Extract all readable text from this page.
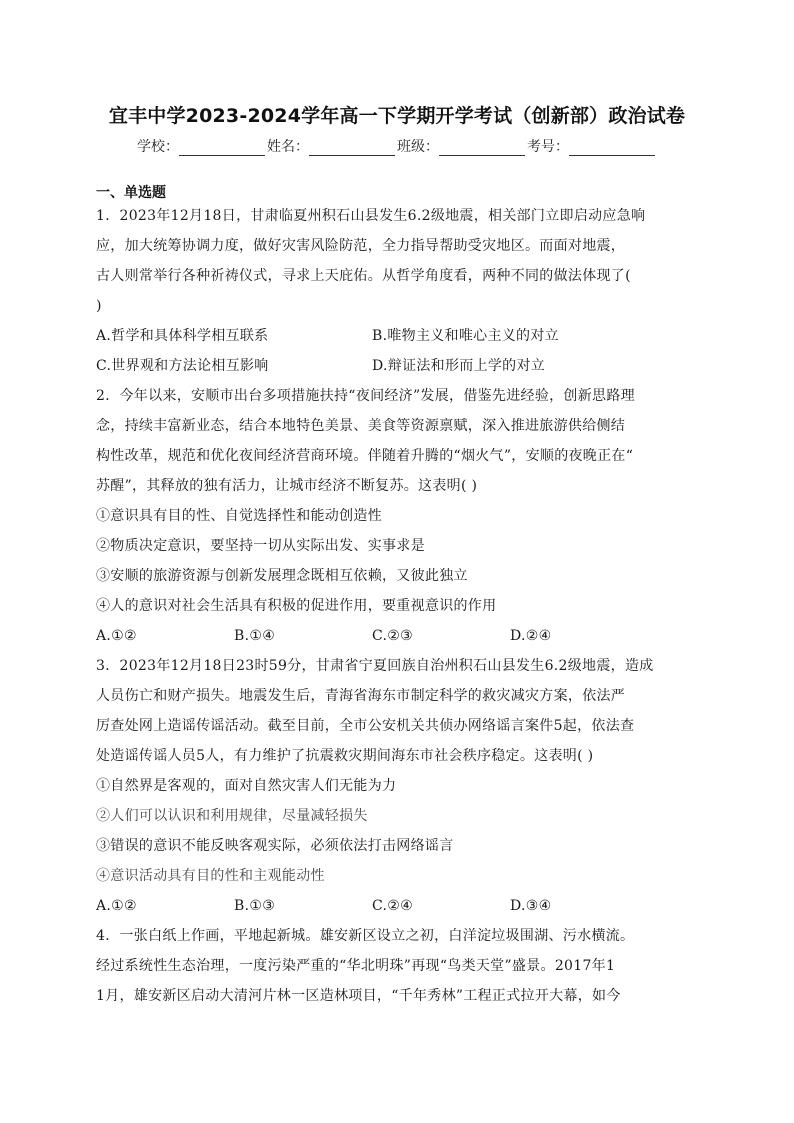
宜丰中学2023-2024学年高一下学期开学考试（创新部）政治试卷
学校：	姓名：	班级：	考号：
一、单选题
1．2023年12月18日，甘肃临夏州积石山县发生6.2级地震，相关部门立即启动应急响
应，加大统筹协调力度，做好灾害风险防范，全力指导帮助受灾地区。而面对地震，
古人则常举行各种祈祷仪式，寻求上天庇佑。从哲学角度看，两种不同的做法体现了(
)
A.哲学和具体科学相互联系	B.唯物主义和唯心主义的对立
C.世界观和方法论相互影响	D.辩证法和形而上学的对立
2．今年以来，安顺市出台多项措施扶持“夜间经济”发展，借鉴先进经验，创新思路理
念，持续丰富新业态，结合本地特色美景、美食等资源禀赋，深入推进旅游供给侧结
构性改革，规范和优化夜间经济营商环境。伴随着升腾的“烟火气”，安顺的夜晚正在“
苏醒”，其释放的独有活力，让城市经济不断复苏。这表明( )
①意识具有目的性、自觉选择性和能动创造性
②物质决定意识，要坚持一切从实际出发、实事求是
③安顺的旅游资源与创新发展理念既相互依赖，又彼此独立
④人的意识对社会生活具有积极的促进作用，要重视意识的作用
A.①②	B.①④	C.②③	D.②④
3．2023年12月18日23时59分，甘肃省宁夏回族自治州积石山县发生6.2级地震，造成
人员伤亡和财产损失。地震发生后，青海省海东市制定科学的救灾减灾方案，依法严
厉查处网上造谣传谣活动。截至目前，全市公安机关共侦办网络谣言案件5起，依法查
处造谣传谣人员5人，有力维护了抗震救灾期间海东市社会秩序稳定。这表明( )
①自然界是客观的，面对自然灾害人们无能为力
②人们可以认识和利用规律，尽量减轻损失
③错误的意识不能反映客观实际，必须依法打击网络谣言
④意识活动具有目的性和主观能动性
A.①②	B.①③	C.②④	D.③④
4．一张白纸上作画，平地起新城。雄安新区设立之初，白洋淀垃圾围湖、污水横流。
经过系统性生态治理，一度污染严重的“华北明珠”再现“鸟类天堂”盛景。2017年1
1月，雄安新区启动大清河片林一区造林项目，“千年秀林”工程正式拉开大幕，如今
